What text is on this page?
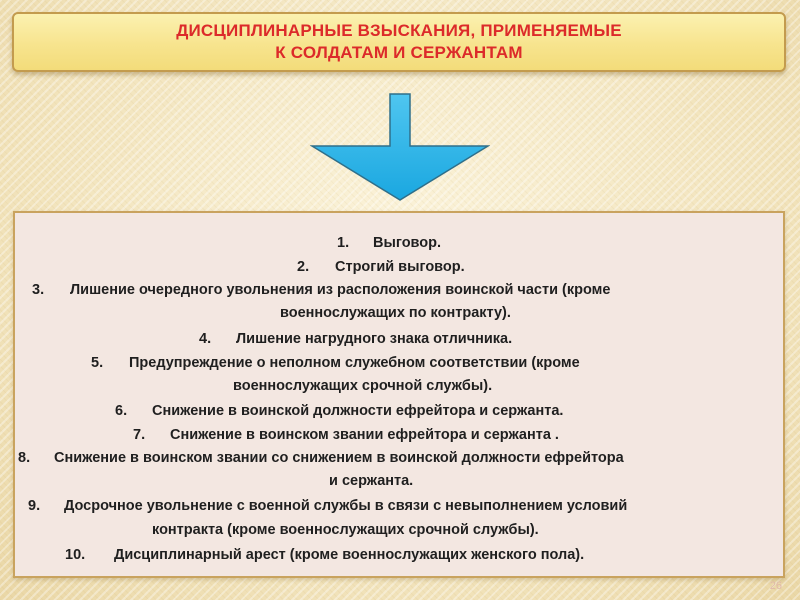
ДИСЦИПЛИНАРНЫЕ ВЗЫСКАНИЯ, ПРИМЕНЯЕМЫЕ
К СОЛДАТАМ И СЕРЖАНТАМ
1. Выговор.
2. Строгий выговор.
3. Лишение очередного увольнения из расположения воинской части (кроме
военнослужащих по контракту).
4. Лишение нагрудного знака отличника.
5. Предупреждение о неполном служебном соответствии (кроме
военнослужащих срочной службы).
6. Снижение в воинской должности ефрейтора и сержанта.
7. Снижение в воинском звании ефрейтора и сержанта .
8. Снижение в воинском звании со снижением в воинской должности ефрейтора
и сержанта.
9. Досрочное увольнение с военной службы в связи с невыполнением условий
контракта (кроме военнослужащих срочной службы).
10. Дисциплинарный арест (кроме военнослужащих женского пола).
26
